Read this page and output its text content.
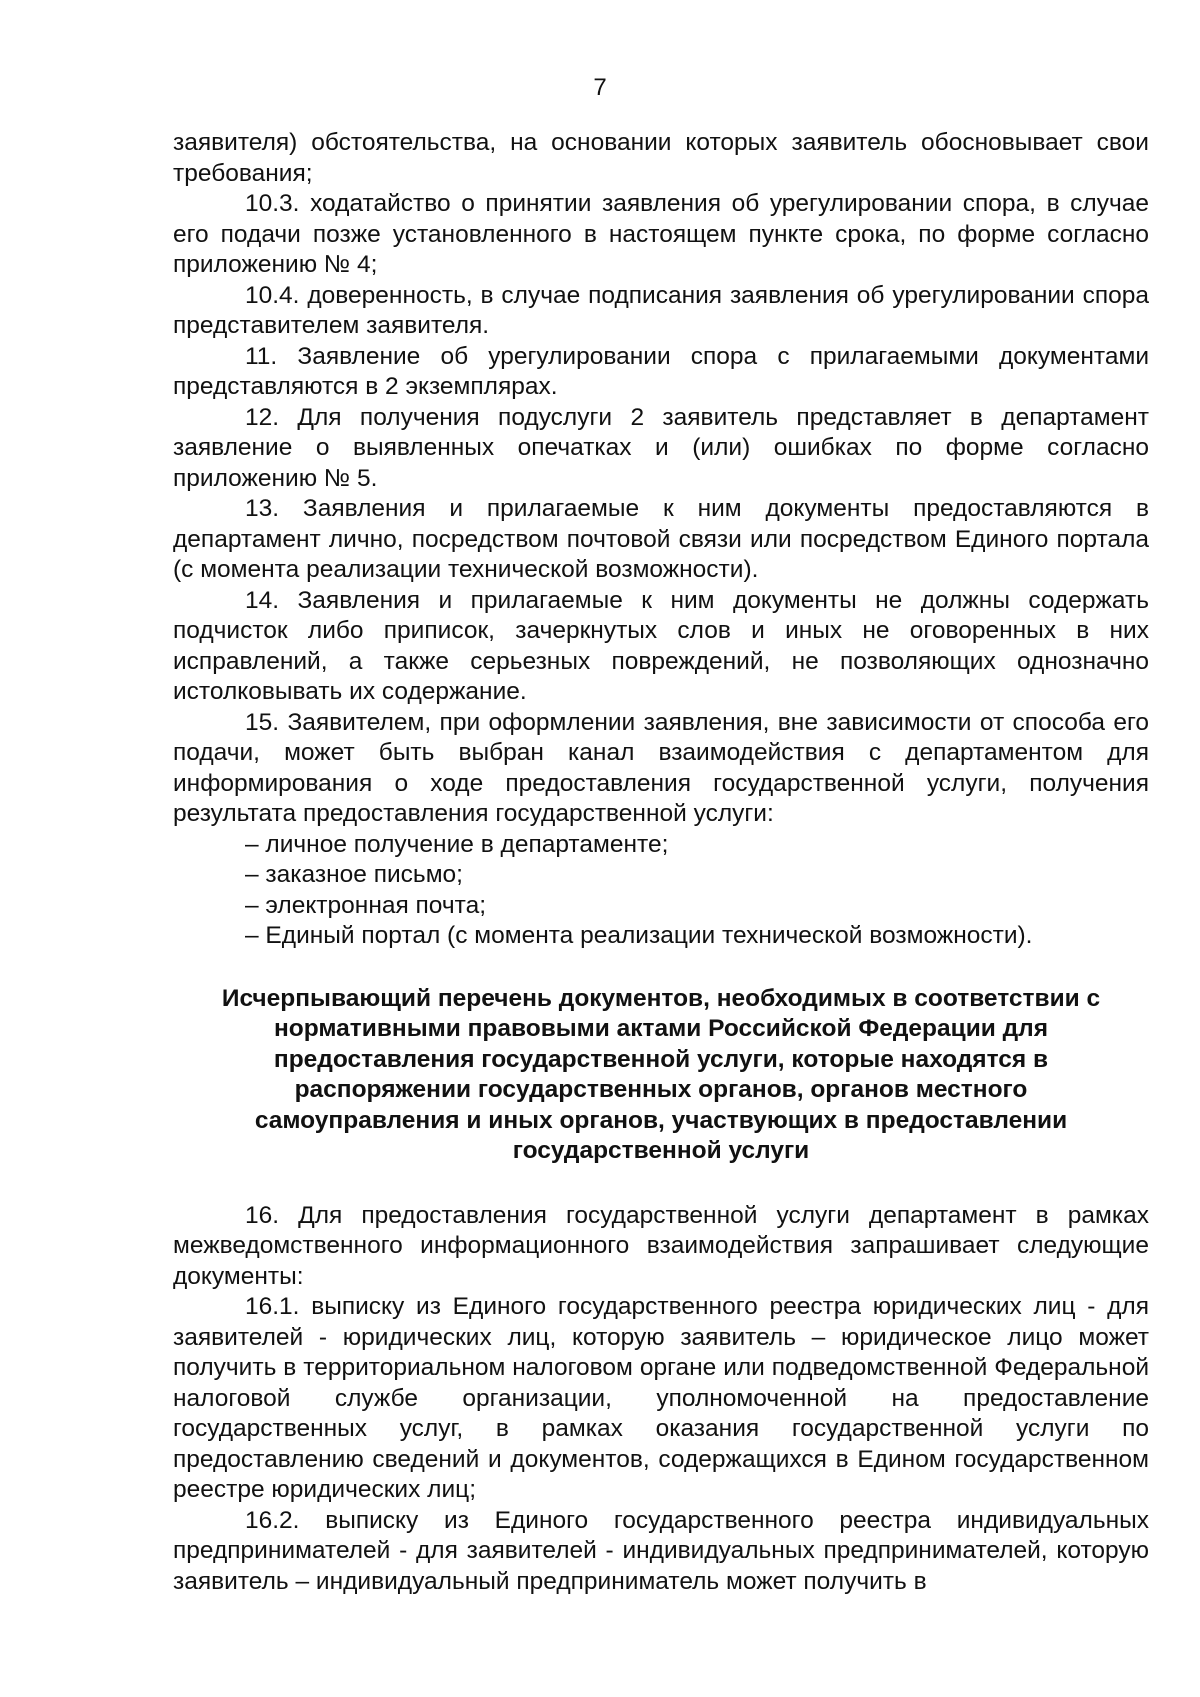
7

заявителя) обстоятельства, на основании которых заявитель обосновывает свои требования;

10.3. ходатайство о принятии заявления об урегулировании спора, в случае его подачи позже установленного в настоящем пункте срока, по форме согласно приложению № 4;

10.4. доверенность, в случае подписания заявления об урегулировании спора представителем заявителя.

11. Заявление об урегулировании спора с прилагаемыми документами представляются в 2 экземплярах.

12. Для получения подуслуги 2 заявитель представляет в департамент заявление о выявленных опечатках и (или) ошибках по форме согласно приложению № 5.

13. Заявления и прилагаемые к ним документы предоставляются в департамент лично, посредством почтовой связи или посредством Единого портала (с момента реализации технической возможности).

14. Заявления и прилагаемые к ним документы не должны содержать подчисток либо приписок, зачеркнутых слов и иных не оговоренных в них исправлений, а также серьезных повреждений, не позволяющих однозначно истолковывать их содержание.

15. Заявителем, при оформлении заявления, вне зависимости от способа его подачи, может быть выбран канал взаимодействия с департаментом для информирования о ходе предоставления государственной услуги, получения результата предоставления государственной услуги:

– личное получение в департаменте;
– заказное письмо;
– электронная почта;
– Единый портал (с момента реализации технической возможности).
Исчерпывающий перечень документов, необходимых в соответствии с нормативными правовыми актами Российской Федерации для предоставления государственной услуги, которые находятся в распоряжении государственных органов, органов местного самоуправления и иных органов, участвующих в предоставлении государственной услуги

16. Для предоставления государственной услуги департамент в рамках межведомственного информационного взаимодействия запрашивает следующие документы:

16.1. выписку из Единого государственного реестра юридических лиц - для заявителей - юридических лиц, которую заявитель – юридическое лицо может получить в территориальном налоговом органе или подведомственной Федеральной налоговой службе организации, уполномоченной на предоставление государственных услуг, в рамках оказания государственной услуги по предоставлению сведений и документов, содержащихся в Едином государственном реестре юридических лиц;

16.2. выписку из Единого государственного реестра индивидуальных предпринимателей - для заявителей - индивидуальных предпринимателей, которую заявитель – индивидуальный предприниматель может получить в
